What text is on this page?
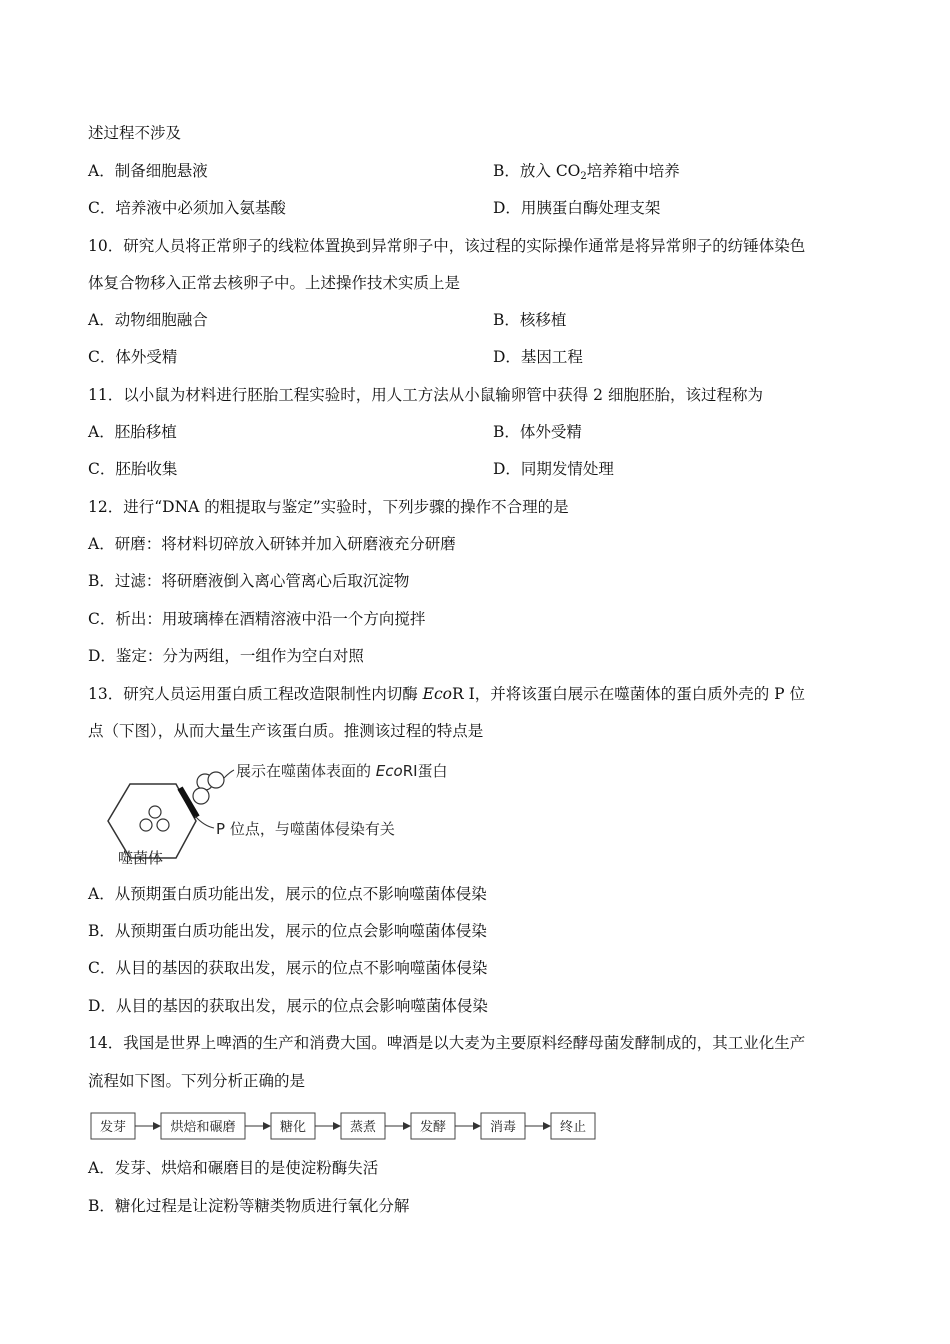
述过程不涉及
A．制备细胞悬液	B．放入 $CO_2$培养箱中培养
C．培养液中必须加入氨基酸	D．用胰蛋白酶处理支架
10．研究人员将正常卵子的线粒体置换到异常卵子中，该过程的实际操作通常是将异常卵子的纺锤体染色
体复合物移入正常去核卵子中。上述操作技术实质上是
A．动物细胞融合	B．核移植
C．体外受精	D．基因工程
11．以小鼠为材料进行胚胎工程实验时，用人工方法从小鼠输卵管中获得 2 细胞胚胎，该过程称为
A．胚胎移植	B．体外受精
C．胚胎收集	D．同期发情处理
12．进行“DNA 的粗提取与鉴定”实验时，下列步骤的操作不合理的是
A．研磨：将材料切碎放入研钵并加入研磨液充分研磨
B．过滤：将研磨液倒入离心管离心后取沉淀物
C．析出：用玻璃棒在酒精溶液中沿一个方向搅拌
D．鉴定：分为两组，一组作为空白对照
13．研究人员运用蛋白质工程改造限制性内切酶 EcoR Ⅰ，并将该蛋白展示在噬菌体的蛋白质外壳的 P 位
点（下图），从而大量生产该蛋白质。推测该过程的特点是
展示在噬菌体表面的 EcoRⅠ蛋白
P 位点，与噬菌体侵染有关
噬菌体
A．从预期蛋白质功能出发，展示的位点不影响噬菌体侵染
B．从预期蛋白质功能出发，展示的位点会影响噬菌体侵染
C．从目的基因的获取出发，展示的位点不影响噬菌体侵染
D．从目的基因的获取出发，展示的位点会影响噬菌体侵染
14．我国是世界上啤酒的生产和消费大国。啤酒是以大麦为主要原料经酵母菌发酵制成的，其工业化生产
流程如下图。下列分析正确的是
发芽	烘焙和碾磨	糖化	蒸煮	发酵	消毒	终止
A．发芽、烘焙和碾磨目的是使淀粉酶失活
B．糖化过程是让淀粉等糖类物质进行氧化分解
